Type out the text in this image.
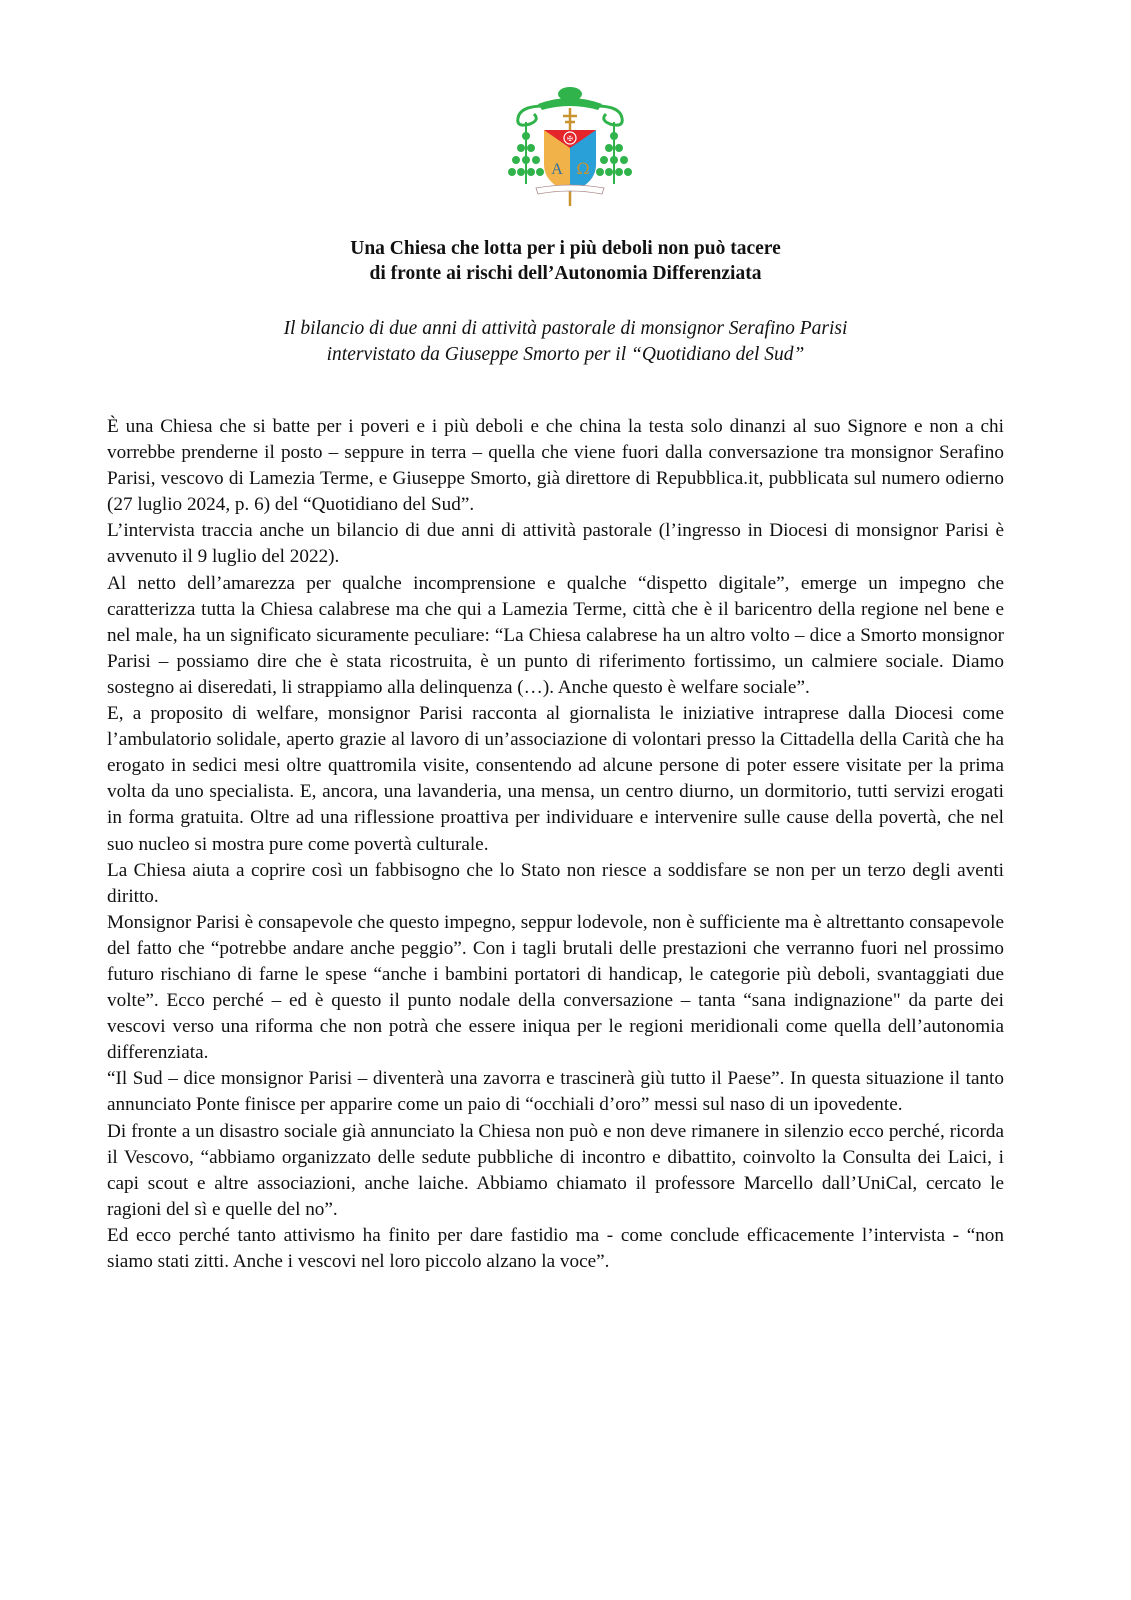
✠
A Ω
Una Chiesa che lotta per i più deboli non può tacere
di fronte ai rischi dell’Autonomia Differenziata
Il bilancio di due anni di attività pastorale di monsignor Serafino Parisi
intervistato da Giuseppe Smorto per il “Quotidiano del Sud”

È una Chiesa che si batte per i poveri e i più deboli e che china la testa solo dinanzi al suo Signore e non a chi vorrebbe prenderne il posto – seppure in terra – quella che viene fuori dalla conversazione tra monsignor Serafino Parisi, vescovo di Lamezia Terme, e Giuseppe Smorto, già direttore di Repubblica.it, pubblicata sul numero odierno (27 luglio 2024, p. 6) del “Quotidiano del Sud”.

L’intervista traccia anche un bilancio di due anni di attività pastorale (l’ingresso in Diocesi di monsignor Parisi è avvenuto il 9 luglio del 2022).

Al netto dell’amarezza per qualche incomprensione e qualche “dispetto digitale”, emerge un impegno che caratterizza tutta la Chiesa calabrese ma che qui a Lamezia Terme, città che è il baricentro della regione nel bene e nel male, ha un significato sicuramente peculiare: “La Chiesa calabrese ha un altro volto – dice a Smorto monsignor Parisi – possiamo dire che è stata ricostruita, è un punto di riferimento fortissimo, un calmiere sociale. Diamo sostegno ai diseredati, li strappiamo alla delinquenza (…). Anche questo è welfare sociale”.

E, a proposito di welfare, monsignor Parisi racconta al giornalista le iniziative intraprese dalla Diocesi come l’ambulatorio solidale, aperto grazie al lavoro di un’associazione di volontari presso la Cittadella della Carità che ha erogato in sedici mesi oltre quattromila visite, consentendo ad alcune persone di poter essere visitate per la prima volta da uno specialista. E, ancora, una lavanderia, una mensa, un centro diurno, un dormitorio, tutti servizi erogati in forma gratuita. Oltre ad una riflessione proattiva per individuare e intervenire sulle cause della povertà, che nel suo nucleo si mostra pure come povertà culturale.

La Chiesa aiuta a coprire così un fabbisogno che lo Stato non riesce a soddisfare se non per un terzo degli aventi diritto.

Monsignor Parisi è consapevole che questo impegno, seppur lodevole, non è sufficiente ma è altrettanto consapevole del fatto che “potrebbe andare anche peggio”. Con i tagli brutali delle prestazioni che verranno fuori nel prossimo futuro rischiano di farne le spese “anche i bambini portatori di handicap, le categorie più deboli, svantaggiati due volte”. Ecco perché – ed è questo il punto nodale della conversazione – tanta “sana indignazione" da parte dei vescovi verso una riforma che non potrà che essere iniqua per le regioni meridionali come quella dell’autonomia differenziata.

“Il Sud – dice monsignor Parisi – diventerà una zavorra e trascinerà giù tutto il Paese”. In questa situazione il tanto annunciato Ponte finisce per apparire come un paio di “occhiali d’oro” messi sul naso di un ipovedente.

Di fronte a un disastro sociale già annunciato la Chiesa non può e non deve rimanere in silenzio ecco perché, ricorda il Vescovo, “abbiamo organizzato delle sedute pubbliche di incontro e dibattito, coinvolto la Consulta dei Laici, i capi scout e altre associazioni, anche laiche. Abbiamo chiamato il professore Marcello dall’UniCal, cercato le ragioni del sì e quelle del no”.

Ed ecco perché tanto attivismo ha finito per dare fastidio ma - come conclude efficacemente l’intervista - “non siamo stati zitti. Anche i vescovi nel loro piccolo alzano la voce”.
